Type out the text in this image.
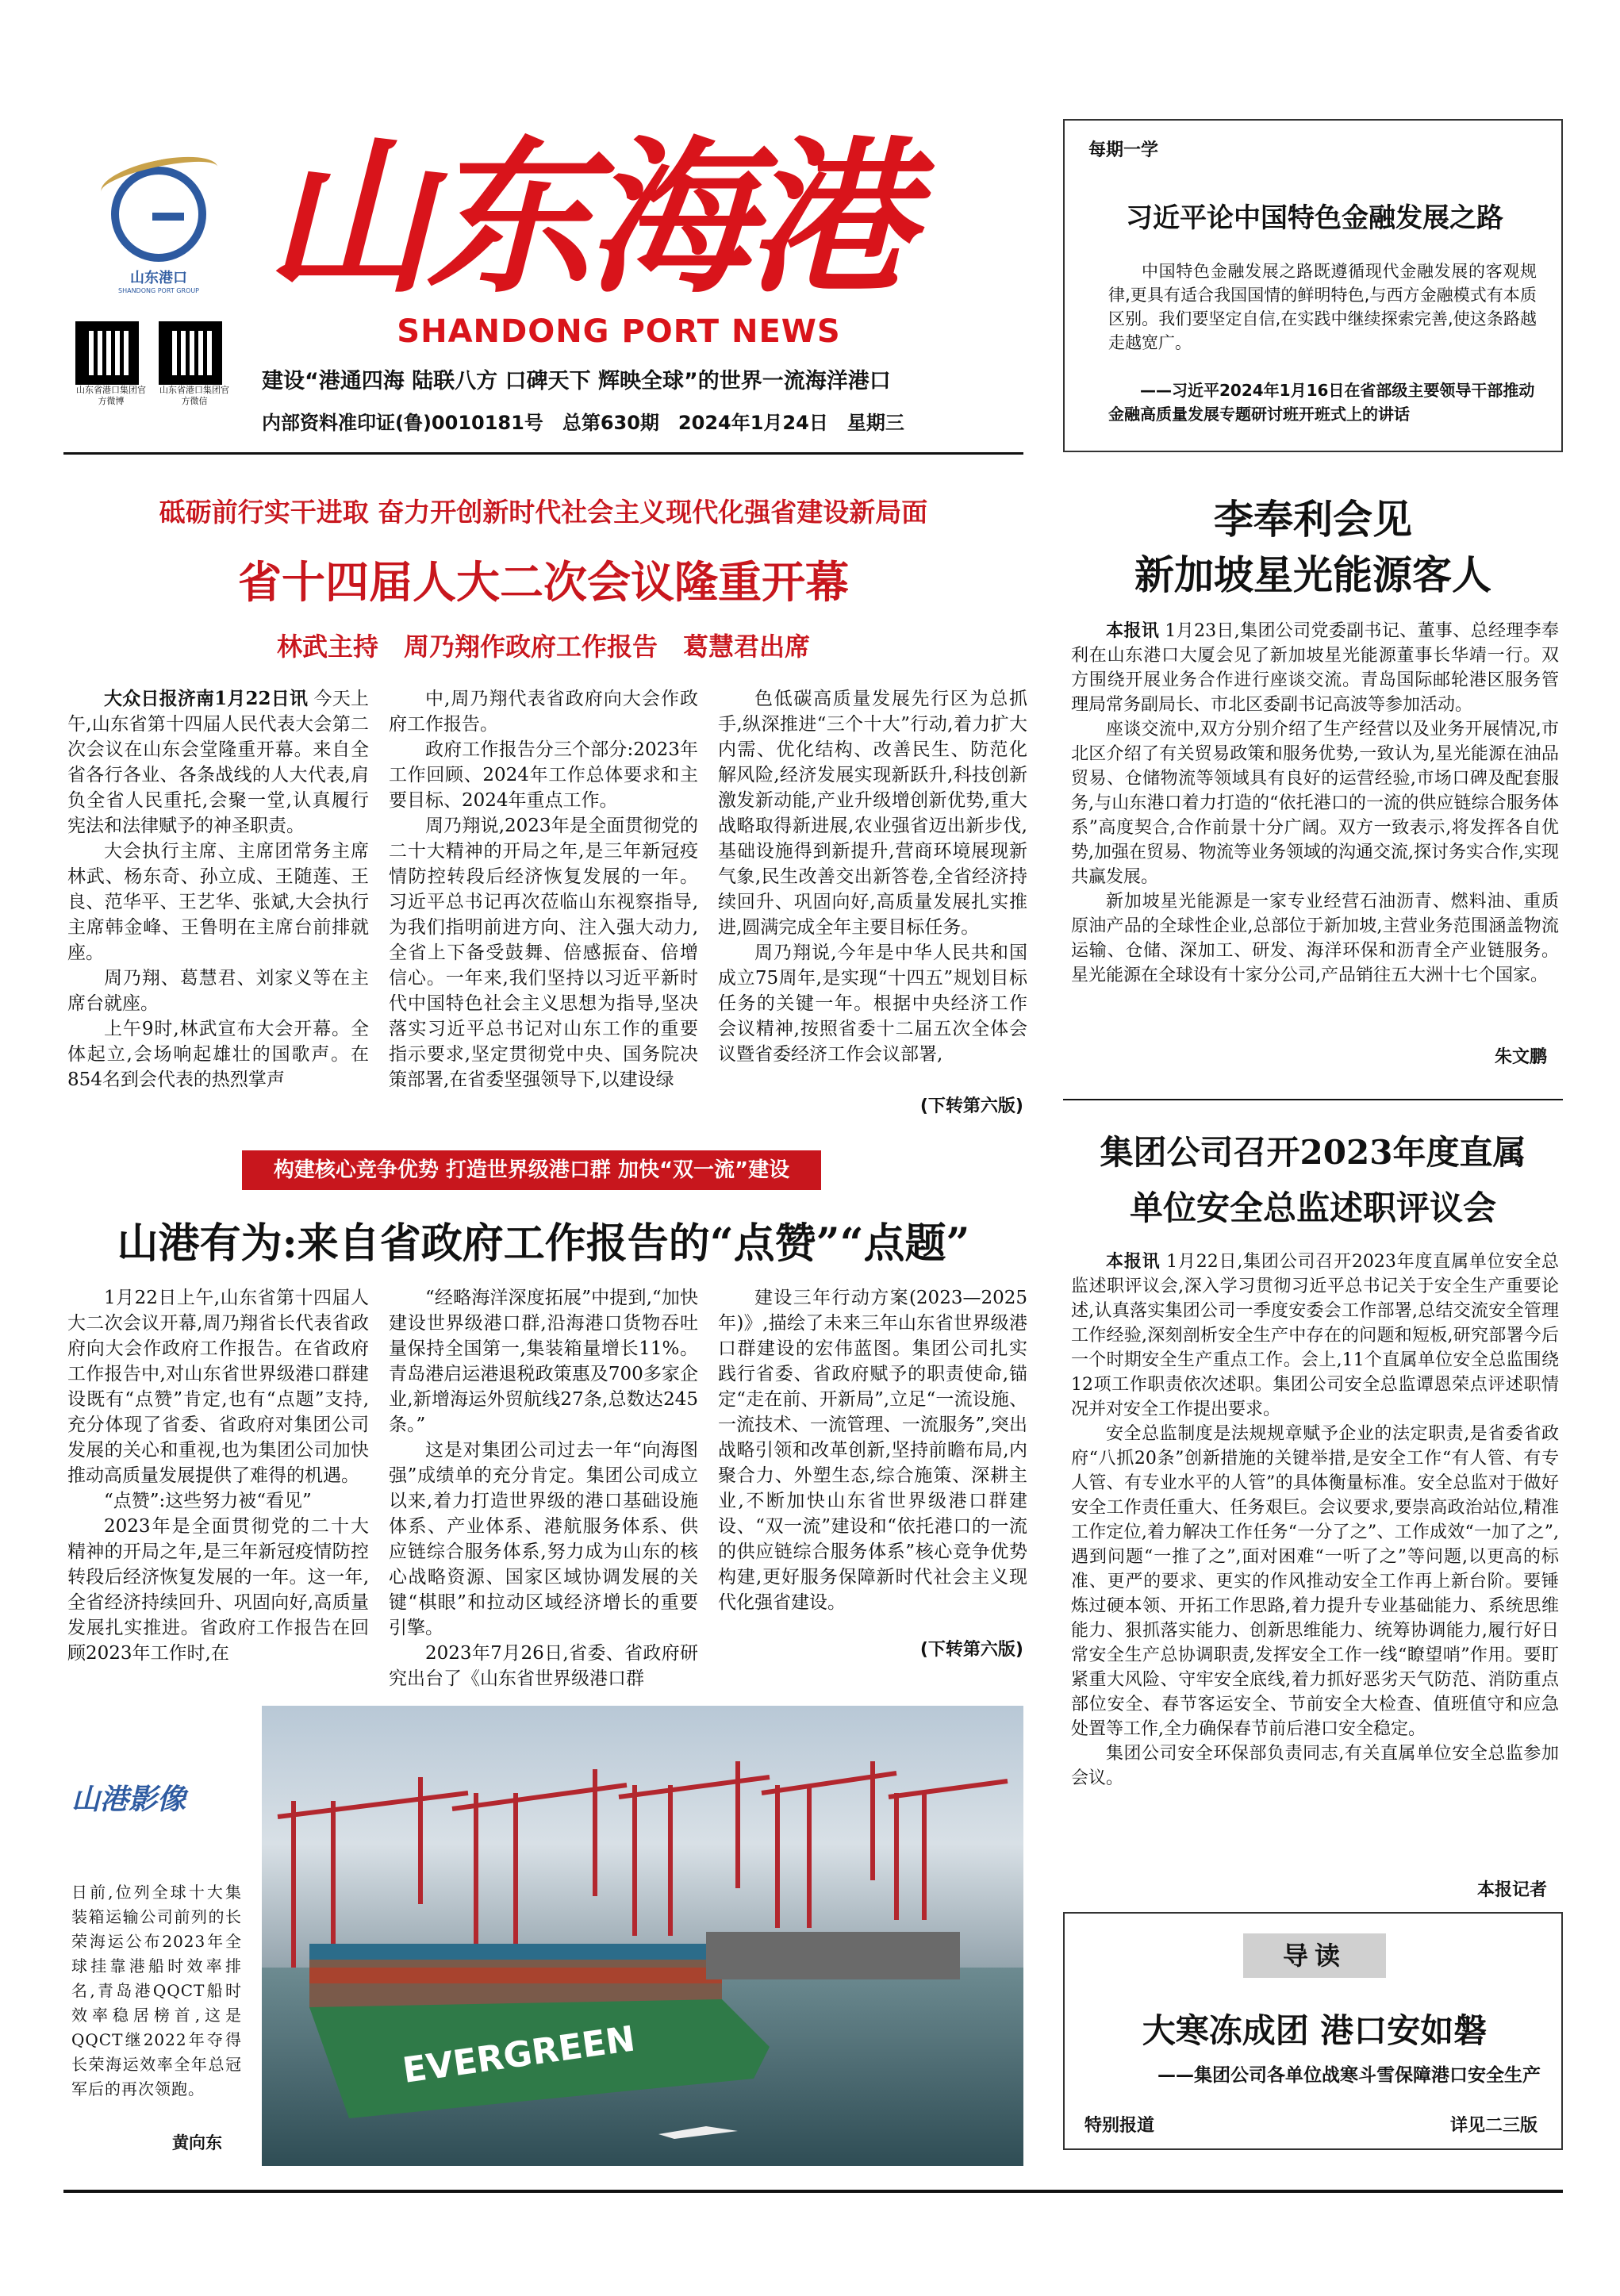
山东港口
SHANDONG PORT GROUP 山东海港
SHANDONG PORT NEWS
山东省港口集团官方微博
山东省港口集团官方微信
建设“港通四海 陆联八方 口碑天下 辉映全球”的世界一流海洋港口
内部资料准印证(鲁)0010181号　总第630期　2024年1月24日　星期三
每期一学
习近平论中国特色金融发展之路
中国特色金融发展之路既遵循现代金融发展的客观规律,更具有适合我国国情的鲜明特色,与西方金融模式有本质区别。我们要坚定自信,在实践中继续探索完善,使这条路越走越宽广。
——习近平2024年1月16日在省部级主要领导干部推动金融高质量发展专题研讨班开班式上的讲话
砥砺前行实干进取 奋力开创新时代社会主义现代化强省建设新局面
省十四届人大二次会议隆重开幕
林武主持　周乃翔作政府工作报告　葛慧君出席

大众日报济南1月22日讯 今天上午,山东省第十四届人民代表大会第二次会议在山东会堂隆重开幕。来自全省各行各业、各条战线的人大代表,肩负全省人民重托,会聚一堂,认真履行宪法和法律赋予的神圣职责。

大会执行主席、主席团常务主席林武、杨东奇、孙立成、王随莲、王良、范华平、王艺华、张斌,大会执行主席韩金峰、王鲁明在主席台前排就座。

周乃翔、葛慧君、刘家义等在主席台就座。

上午9时,林武宣布大会开幕。全体起立,会场响起雄壮的国歌声。在854名到会代表的热烈掌声

中,周乃翔代表省政府向大会作政府工作报告。

政府工作报告分三个部分:2023年工作回顾、2024年工作总体要求和主要目标、2024年重点工作。

周乃翔说,2023年是全面贯彻党的二十大精神的开局之年,是三年新冠疫情防控转段后经济恢复发展的一年。习近平总书记再次莅临山东视察指导,为我们指明前进方向、注入强大动力,全省上下备受鼓舞、倍感振奋、倍增信心。一年来,我们坚持以习近平新时代中国特色社会主义思想为指导,坚决落实习近平总书记对山东工作的重要指示要求,坚定贯彻党中央、国务院决策部署,在省委坚强领导下,以建设绿

色低碳高质量发展先行区为总抓手,纵深推进“三个十大”行动,着力扩大内需、优化结构、改善民生、防范化解风险,经济发展实现新跃升,科技创新激发新动能,产业升级增创新优势,重大战略取得新进展,农业强省迈出新步伐,基础设施得到新提升,营商环境展现新气象,民生改善交出新答卷,全省经济持续回升、巩固向好,高质量发展扎实推进,圆满完成全年主要目标任务。

周乃翔说,今年是中华人民共和国成立75周年,是实现“十四五”规划目标任务的关键一年。根据中央经济工作会议精神,按照省委十二届五次全体会议暨省委经济工作会议部署,

(下转第六版)
李奉利会见
新加坡星光能源客人

本报讯 1月23日,集团公司党委副书记、董事、总经理李奉利在山东港口大厦会见了新加坡星光能源董事长华靖一行。双方围绕开展业务合作进行座谈交流。青岛国际邮轮港区服务管理局常务副局长、市北区委副书记高波等参加活动。

座谈交流中,双方分别介绍了生产经营以及业务开展情况,市北区介绍了有关贸易政策和服务优势,一致认为,星光能源在油品贸易、仓储物流等领域具有良好的运营经验,市场口碑及配套服务,与山东港口着力打造的“依托港口的一流的供应链综合服务体系”高度契合,合作前景十分广阔。双方一致表示,将发挥各自优势,加强在贸易、物流等业务领域的沟通交流,探讨务实合作,实现共赢发展。

新加坡星光能源是一家专业经营石油沥青、燃料油、重质原油产品的全球性企业,总部位于新加坡,主营业务范围涵盖物流运输、仓储、深加工、研发、海洋环保和沥青全产业链服务。星光能源在全球设有十家分公司,产品销往五大洲十七个国家。

朱文鹏
构建核心竞争优势 打造世界级港口群 加快“双一流”建设
山港有为:来自省政府工作报告的“点赞”“点题”

1月22日上午,山东省第十四届人大二次会议开幕,周乃翔省长代表省政府向大会作政府工作报告。在省政府工作报告中,对山东省世界级港口群建设既有“点赞”肯定,也有“点题”支持,充分体现了省委、省政府对集团公司发展的关心和重视,也为集团公司加快推动高质量发展提供了难得的机遇。

“点赞”:这些努力被“看见”

2023年是全面贯彻党的二十大精神的开局之年,是三年新冠疫情防控转段后经济恢复发展的一年。这一年,全省经济持续回升、巩固向好,高质量发展扎实推进。省政府工作报告在回顾2023年工作时,在

“经略海洋深度拓展”中提到,“加快建设世界级港口群,沿海港口货物吞吐量保持全国第一,集装箱量增长11%。青岛港启运港退税政策惠及700多家企业,新增海运外贸航线27条,总数达245条。”

这是对集团公司过去一年“向海图强”成绩单的充分肯定。集团公司成立以来,着力打造世界级的港口基础设施体系、产业体系、港航服务体系、供应链综合服务体系,努力成为山东的核心战略资源、国家区域协调发展的关键“棋眼”和拉动区域经济增长的重要引擎。

2023年7月26日,省委、省政府研究出台了《山东省世界级港口群

建设三年行动方案(2023—2025年)》,描绘了未来三年山东省世界级港口群建设的宏伟蓝图。集团公司扎实践行省委、省政府赋予的职责使命,锚定“走在前、开新局”,立足“一流设施、一流技术、一流管理、一流服务”,突出战略引领和改革创新,坚持前瞻布局,内聚合力、外塑生态,综合施策、深耕主业,不断加快山东省世界级港口群建设、“双一流”建设和“依托港口的一流的供应链综合服务体系”核心竞争优势构建,更好服务保障新时代社会主义现代化强省建设。

(下转第六版)
集团公司召开2023年度直属
单位安全总监述职评议会

本报讯 1月22日,集团公司召开2023年度直属单位安全总监述职评议会,深入学习贯彻习近平总书记关于安全生产重要论述,认真落实集团公司一季度安委会工作部署,总结交流安全管理工作经验,深刻剖析安全生产中存在的问题和短板,研究部署今后一个时期安全生产重点工作。会上,11个直属单位安全总监围绕12项工作职责依次述职。集团公司安全总监谭恩荣点评述职情况并对安全工作提出要求。

安全总监制度是法规规章赋予企业的法定职责,是省委省政府“八抓20条”创新措施的关键举措,是安全工作“有人管、有专人管、有专业水平的人管”的具体衡量标准。安全总监对于做好安全工作责任重大、任务艰巨。会议要求,要崇高政治站位,精准工作定位,着力解决工作任务“一分了之”、工作成效“一加了之”,遇到问题“一推了之”,面对困难“一听了之”等问题,以更高的标准、更严的要求、更实的作风推动安全工作再上新台阶。要锤炼过硬本领、开拓工作思路,着力提升专业基础能力、系统思维能力、狠抓落实能力、创新思维能力、统筹协调能力,履行好日常安全生产总协调职责,发挥安全工作一线“瞭望哨”作用。要盯紧重大风险、守牢安全底线,着力抓好恶劣天气防范、消防重点部位安全、春节客运安全、节前安全大检查、值班值守和应急处置等工作,全力确保春节前后港口安全稳定。

集团公司安全环保部负责同志,有关直属单位安全总监参加会议。

本报记者
山港影像
日前,位列全球十大集装箱运输公司前列的长荣海运公布2023年全球挂靠港船时效率排名,青岛港QQCT船时效率稳居榜首,这是QQCT继2022年夺得长荣海运效率全年总冠军后的再次领跑。
黄向东
EVERGREEN
导读
大寒冻成团 港口安如磐
——集团公司各单位战寒斗雪保障港口安全生产
特别报道	详见二三版
